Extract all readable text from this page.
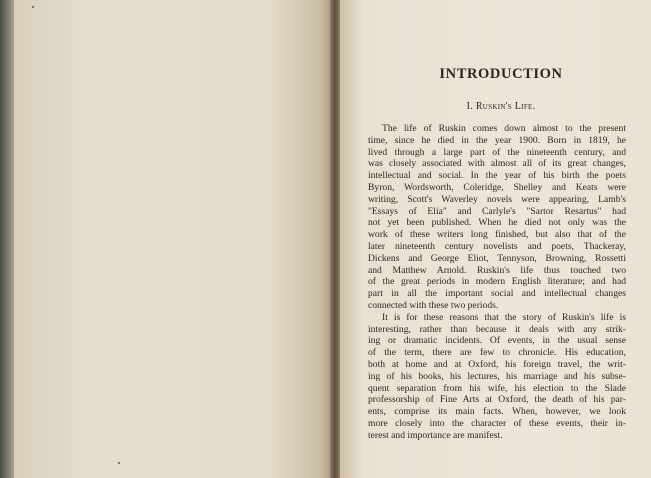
INTRODUCTION
I. Ruskin's Life.
The life of Ruskin comes down almost to the present
time, since he died in the year 1900. Born in 1819, he
lived through a large part of the nineteenth century, and
was closely associated with almost all of its great changes,
intellectual and social. In the year of his birth the poets
Byron, Wordsworth, Coleridge, Shelley and Keats were
writing, Scott's Waverley novels were appearing, Lamb's
"Essays of Elia" and Carlyle's "Sartor Resartus" had
not yet been published. When he died not only was the
work of these writers long finished, but also that of the
later nineteenth century novelists and poets, Thackeray,
Dickens and George Eliot, Tennyson, Browning, Rossetti
and Matthew Arnold. Ruskin's life thus touched two
of the great periods in modern English literature; and had
part in all the important social and intellectual changes
connected with these two periods.
It is for these reasons that the story of Ruskin's life is
interesting, rather than because it deals with any strik-
ing or dramatic incidents. Of events, in the usual sense
of the term, there are few to chronicle. His education,
both at home and at Oxford, his foreign travel, the writ-
ing of his books, his lectures, his marriage and his subse-
quent separation from his wife, his election to the Slade
professorship of Fine Arts at Oxford, the death of his par-
ents, comprise its main facts. When, however, we look
more closely into the character of these events, their in-
terest and importance are manifest.
